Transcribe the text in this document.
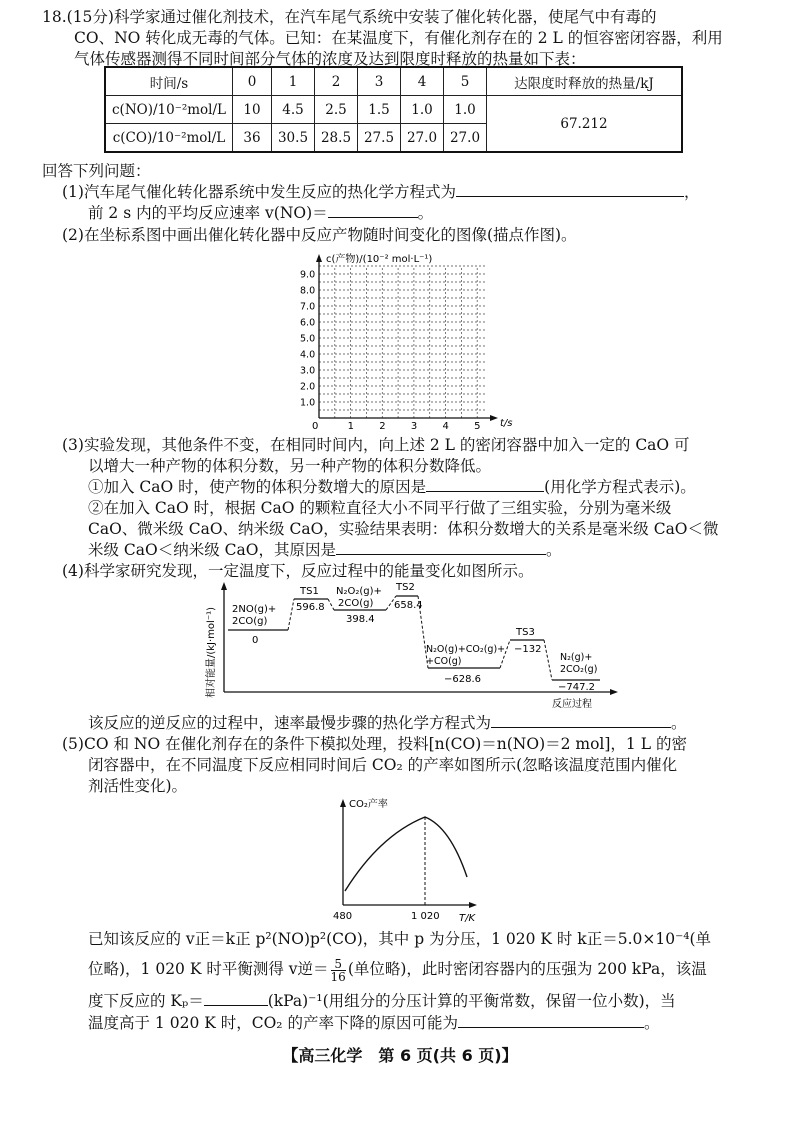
18.(15分)科学家通过催化剂技术，在汽车尾气系统中安装了催化转化器，使尾气中有毒的
CO、NO 转化成无毒的气体。已知：在某温度下，有催化剂存在的 2 L 的恒容密闭容器，利用
气体传感器测得不同时间部分气体的浓度及达到限度时释放的热量如下表：
时间/s	0	1	2	3	4	5	达限度时释放的热量/kJ
c(NO)/10⁻²mol/L	10	4.5	2.5	1.5	1.0	1.0	67.212
c(CO)/10⁻²mol/L	36	30.5	28.5	27.5	27.0	27.0	
回答下列问题：
(1)汽车尾气催化转化器系统中发生反应的热化学方程式为	，
前 2 s 内的平均反应速率 v(NO)＝	。
(2)在坐标系图中画出催化转化器中反应产物随时间变化的图像(描点作图)。
c(产物)/(10⁻² mol·L⁻¹)
t/s
0	1	2	3	4	5
1.0
2.0
3.0
4.0
5.0
6.0
7.0
8.0
9.0
(3)实验发现，其他条件不变，在相同时间内，向上述 2 L 的密闭容器中加入一定的 CaO 可
以增大一种产物的体积分数，另一种产物的体积分数降低。
①加入 CaO 时，使产物的体积分数增大的原因是	(用化学方程式表示)。
②在加入 CaO 时，根据 CaO 的颗粒直径大小不同平行做了三组实验，分别为毫米级
CaO、微米级 CaO、纳米级 CaO，实验结果表明：体积分数增大的关系是毫米级 CaO＜微
米级 CaO＜纳米级 CaO，其原因是	。
(4)科学家研究发现，一定温度下，反应过程中的能量变化如图所示。
相对能量/(kJ·mol⁻¹)
反应过程
2NO(g)+
2CO(g)
0
TS1
596.8
N₂O₂(g)+
2CO(g)
398.4
TS2
658.4
N₂O(g)+CO₂(g)+
+CO(g)
−628.6
TS3
−132
N₂(g)+
2CO₂(g)
−747.2
该反应的逆反应的过程中，速率最慢步骤的热化学方程式为	。
(5)CO 和 NO 在催化剂存在的条件下模拟处理，投料[n(CO)＝n(NO)＝2 mol]，1 L 的密
闭容器中，在不同温度下反应相同时间后 CO₂ 的产率如图所示(忽略该温度范围内催化
剂活性变化)。
CO₂产率
T/K
480	1 020
已知该反应的 v正＝k正 p²(NO)p²(CO)，其中 p 为分压，1 020 K 时 k正＝5.0×10⁻⁴(单
位略)，1 020 K 时平衡测得 v逆＝ $\frac{5}{16}$ (单位略)，此时密闭容器内的压强为 200 kPa，该温
度下反应的 Kₚ＝	(kPa)⁻¹(用组分的分压计算的平衡常数，保留一位小数)，当
温度高于 1 020 K 时，CO₂ 的产率下降的原因可能为	。
【高三化学　第 6 页(共 6 页)】
